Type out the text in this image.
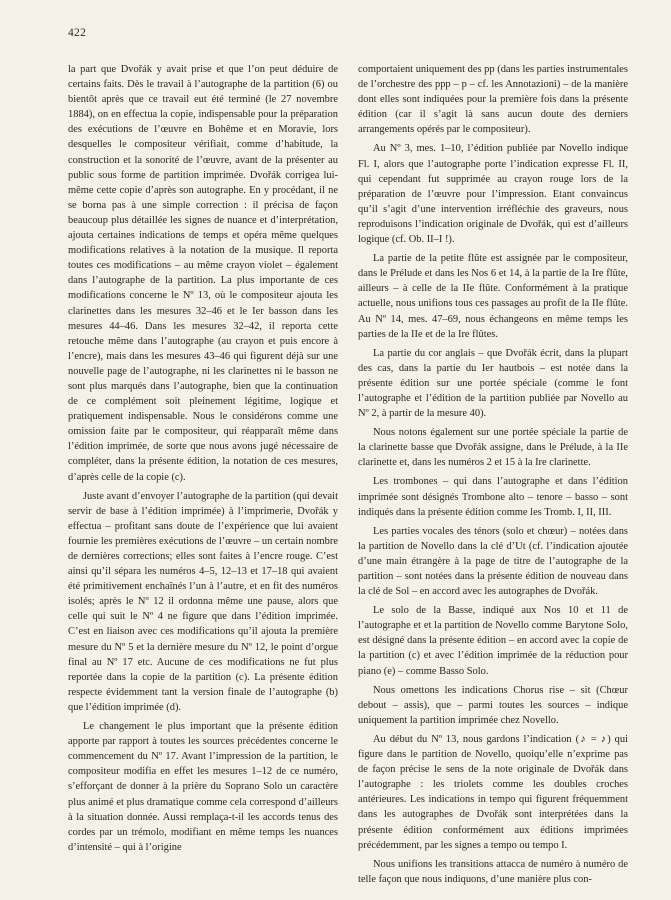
422

la part que Dvořák y avait prise et que l’on peut déduire de certains faits. Dès le travail à l’autographe de la partition (6) ou bientôt après que ce travail eut été terminé (le 27 novembre 1884), on en effectua la copie, indispensable pour la préparation des exécutions de l’œuvre en Bohême et en Moravie, lors desquelles le compositeur vérifiait, comme d’habitude, la construction et la sonorité de l’œuvre, avant de la présenter au public sous forme de partition imprimée. Dvořák corrigea lui-même cette copie d’après son autographe. En y procédant, il ne se borna pas à une simple correction : il précisa de façon beaucoup plus détaillée les signes de nuance et d’interprétation, ajouta certaines indications de temps et opéra même quelques modifications relatives à la notation de la musique. Il reporta toutes ces modifications – au même crayon violet – également dans l’autographe de la partition. La plus importante de ces modifications concerne le Nº 13, où le compositeur ajouta les clarinettes dans les mesures 32–46 et le Ier basson dans les mesures 44–46. Dans les mesures 32–42, il reporta cette retouche même dans l’autographe (au crayon et puis encore à l’encre), mais dans les mesures 43–46 qui figurent déjà sur une nouvelle page de l’autographe, ni les clarinettes ni le basson ne sont plus marqués dans l’autographe, bien que la continuation de ce complément soit pleinement légitime, logique et pratiquement indispensable. Nous le considérons comme une omission faite par le compositeur, qui réapparaît même dans l’édition imprimée, de sorte que nous avons jugé nécessaire de compléter, dans la présente édition, la notation de ces mesures, d’après celle de la copie (c).

Juste avant d’envoyer l’autographe de la partition (qui devait servir de base à l’édition imprimée) à l’imprimerie, Dvořák y effectua – profitant sans doute de l’expérience que lui avaient fournie les premières exécutions de l’œuvre – un certain nombre de dernières corrections; elles sont faites à l’encre rouge. C’est ainsi qu’il sépara les numéros 4–5, 12–13 et 17–18 qui avaient été primitivement enchaînés l’un à l’autre, et en fit des numéros isolés; après le Nº 12 il ordonna même une pause, alors que celle qui suit le Nº 4 ne figure que dans l’édition imprimée. C’est en liaison avec ces modifications qu’il ajouta la première mesure du Nº 5 et la dernière mesure du Nº 12, le point d’orgue final au Nº 17 etc. Aucune de ces modifications ne fut plus reportée dans la copie de la partition (c). La présente édition respecte évidemment tant la version finale de l’autographe (b) que l’édition imprimée (d).

Le changement le plus important que la présente édition apporte par rapport à toutes les sources précédentes concerne le commencement du Nº 17. Avant l’impression de la partition, le compositeur modifia en effet les mesures 1–12 de ce numéro, s’efforçant de donner à la prière du Soprano Solo un caractère plus animé et plus dramatique comme cela correspond d’ailleurs à la situation donnée. Aussi remplaça-t-il les accords tenus des cordes par un trémolo, modifiant en même temps les nuances d’intensité – qui à l’origine

comportaient uniquement des pp (dans les parties instrumentales de l’orchestre des ppp – p – cf. les Annotazioni) – de la manière dont elles sont indiquées pour la première fois dans la présente édition (car il s’agit là sans aucun doute des derniers arrangements opérés par le compositeur).

Au Nº 3, mes. 1–10, l’édition publiée par Novello indique Fl. I, alors que l’autographe porte l’indication expresse Fl. II, qui cependant fut supprimée au crayon rouge lors de la préparation de l’œuvre pour l’impression. Etant convaincus qu’il s’agit d’une intervention irréfléchie des graveurs, nous reproduisons l’indication originale de Dvořák, qui est d’ailleurs logique (cf. Ob. II–I !).

La partie de la petite flûte est assignée par le compositeur, dans le Prélude et dans les Nos 6 et 14, à la partie de la Ire flûte, ailleurs – à celle de la IIe flûte. Conformément à la pratique actuelle, nous unifions tous ces passages au profit de la IIe flûte. Au Nº 14, mes. 47–69, nous échangeons en même temps les parties de la IIe et de la Ire flûtes.

La partie du cor anglais – que Dvořák écrit, dans la plupart des cas, dans la partie du Ier hautbois – est notée dans la présente édition sur une portée spéciale (comme le font l’autographe et l’édition de la partition publiée par Novello au Nº 2, à partir de la mesure 40).

Nous notons également sur une portée spéciale la partie de la clarinette basse que Dvořák assigne, dans le Prélude, à la IIe clarinette et, dans les numéros 2 et 15 à la Ire clarinette.

Les trombones – qui dans l’autographe et dans l’édition imprimée sont désignés Trombone alto – tenore – basso – sont indiqués dans la présente édition comme les Tromb. I, II, III.

Les parties vocales des ténors (solo et chœur) – notées dans la partition de Novello dans la clé d’Ut (cf. l’indication ajoutée d’une main étrangère à la page de titre de l’autographe de la partition – sont notées dans la présente édition de nouveau dans la clé de Sol – en accord avec les autographes de Dvořák.

Le solo de la Basse, indiqué aux Nos 10 et 11 de l’autographe et et la partition de Novello comme Barytone Solo, est désigné dans la présente édition – en accord avec la copie de la partition (c) et avec l’édition imprimée de la réduction pour piano (e) – comme Basso Solo.

Nous omettons les indications Chorus rise – sit (Chœur debout – assis), que – parmi toutes les sources – indique uniquement la partition imprimée chez Novello.

Au début du Nº 13, nous gardons l’indication (♪ = ♪) qui figure dans le partition de Novello, quoiqu’elle n’exprime pas de façon précise le sens de la note originale de Dvořák dans l’autographe : les triolets comme les doubles croches antérieures. Les indications in tempo qui figurent fréquemment dans les autographes de Dvořák sont interprétées dans la présente édition conformément aux éditions imprimées précédemment, par les signes a tempo ou tempo I.

Nous unifions les transitions attacca de numéro à numéro de telle façon que nous indiquons, d’une manière plus con-
